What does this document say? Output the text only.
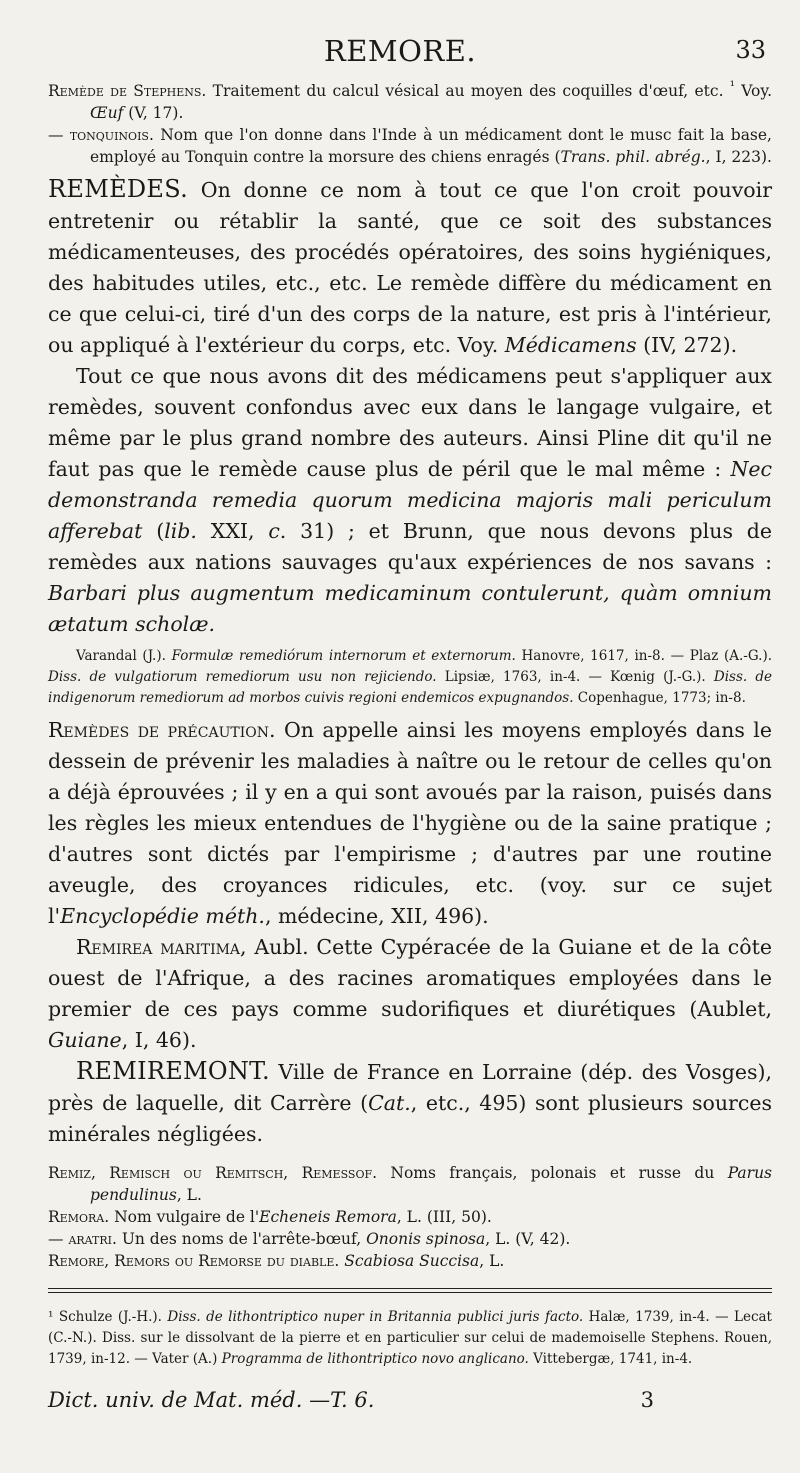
REMORE.	33

Remède de Stephens. Traitement du calcul vésical au moyen des coquilles d'œuf, etc. $^{^1}$ Voy. Œuf (V, 17).

— tonquinois. Nom que l'on donne dans l'Inde à un médicament dont le musc fait la base, employé au Tonquin contre la morsure des chiens enragés (Trans. phil. abrég., I, 223).

REMÈDES. On donne ce nom à tout ce que l'on croit pouvoir entretenir ou rétablir la santé, que ce soit des substances médicamenteuses, des procédés opératoires, des soins hygiéniques, des habitudes utiles, etc., etc. Le remède diffère du médicament en ce que celui-ci, tiré d'un des corps de la nature, est pris à l'intérieur, ou appliqué à l'extérieur du corps, etc. Voy. Médicamens (IV, 272).

Tout ce que nous avons dit des médicamens peut s'appliquer aux remèdes, souvent confondus avec eux dans le langage vulgaire, et même par le plus grand nombre des auteurs. Ainsi Pline dit qu'il ne faut pas que le remède cause plus de péril que le mal même : Nec demonstranda remedia quorum medicina majoris mali periculum afferebat (lib. XXI, c. 31) ; et Brunn, que nous devons plus de remèdes aux nations sauvages qu'aux expériences de nos savans : Barbari plus augmentum medicaminum contulerunt, quàm omnium ætatum scholæ.

Varandal (J.). Formulæ remediórum internorum et externorum. Hanovre, 1617, in-8. — Plaz (A.-G.). Diss. de vulgatiorum remediorum usu non rejiciendo. Lipsiæ, 1763, in-4. — Kœnig (J.-G.). Diss. de indigenorum remediorum ad morbos cuivis regioni endemicos expugnandos. Copenhague, 1773; in-8.

Remèdes de précaution. On appelle ainsi les moyens employés dans le dessein de prévenir les maladies à naître ou le retour de celles qu'on a déjà éprouvées ; il y en a qui sont avoués par la raison, puisés dans les règles les mieux entendues de l'hygiène ou de la saine pratique ; d'autres sont dictés par l'empirisme ; d'autres par une routine aveugle, des croyances ridicules, etc. (voy. sur ce sujet l'Encyclopédie méth., médecine, XII, 496).

Remirea maritima, Aubl. Cette Cypéracée de la Guiane et de la côte ouest de l'Afrique, a des racines aromatiques employées dans le premier de ces pays comme sudorifiques et diurétiques (Aublet, Guiane, I, 46).

REMIREMONT. Ville de France en Lorraine (dép. des Vosges), près de laquelle, dit Carrère (Cat., etc., 495) sont plusieurs sources minérales négligées.

Remiz, Remisch ou Remitsch, Remessof. Noms français, polonais et russe du Parus pendulinus, L.

Remora. Nom vulgaire de l'Echeneis Remora, L. (III, 50).

— aratri. Un des noms de l'arrête-bœuf, Ononis spinosa, L. (V, 42).

Remore, Remors ou Remorse du diable. Scabiosa Succisa, L.

¹ Schulze (J.-H.). Diss. de lithontriptico nuper in Britannia publici juris facto. Halæ, 1739, in-4. — Lecat (C.-N.). Diss. sur le dissolvant de la pierre et en particulier sur celui de mademoiselle Stephens. Rouen, 1739, in-12. — Vater (A.) Programma de lithontriptico novo anglicano. Vittebergæ, 1741, in-4.

Dict. univ. de Mat. méd. —T. 6.	3
